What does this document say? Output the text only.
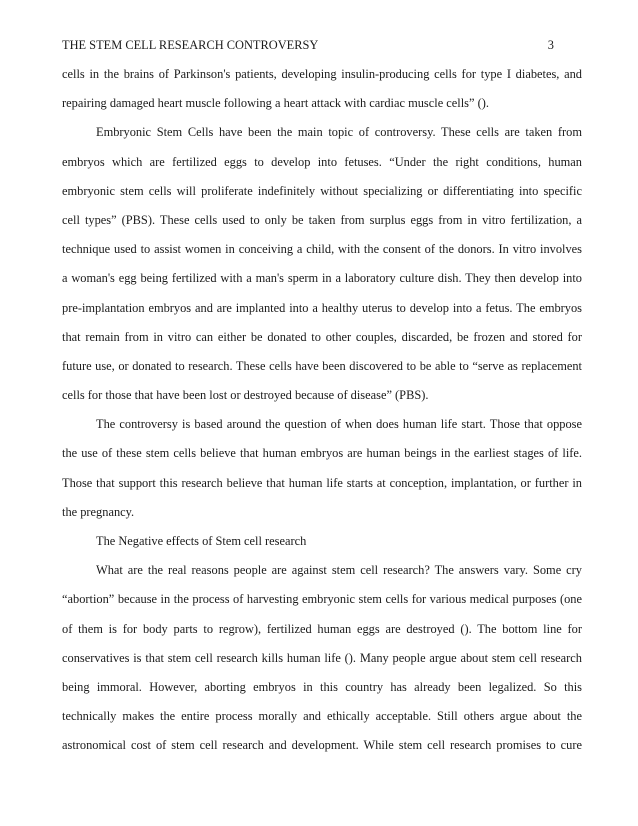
THE STEM CELL RESEARCH CONTROVERSY	3
cells in the brains of Parkinson's patients, developing insulin-producing cells for type I diabetes, and
repairing damaged heart muscle following a heart attack with cardiac muscle cells” ().
Embryonic Stem Cells have been the main topic of controversy. These cells are taken from
embryos which are fertilized eggs to develop into fetuses. “Under the right conditions, human
embryonic stem cells will proliferate indefinitely without specializing or differentiating into specific
cell types” (PBS). These cells used to only be taken from surplus eggs from in vitro fertilization, a
technique used to assist women in conceiving a child, with the consent of the donors. In vitro involves
a woman's egg being fertilized with a man's sperm in a laboratory culture dish. They then develop into
pre-implantation embryos and are implanted into a healthy uterus to develop into a fetus. The embryos
that remain from in vitro can either be donated to other couples, discarded, be frozen and stored for
future use, or donated to research. These cells have been discovered to be able to “serve as replacement
cells for those that have been lost or destroyed because of disease” (PBS).
The controversy is based around the question of when does human life start. Those that oppose
the use of these stem cells believe that human embryos are human beings in the earliest stages of life.
Those that support this research believe that human life starts at conception, implantation, or further in
the pregnancy.
The Negative effects of Stem cell research
What are the real reasons people are against stem cell research? The answers vary. Some cry
“abortion” because in the process of harvesting embryonic stem cells for various medical purposes (one
of them is for body parts to regrow), fertilized human eggs are destroyed (). The bottom line for
conservatives is that stem cell research kills human life (). Many people argue about stem cell research
being immoral. However, aborting embryos in this country has already been legalized. So this
technically makes the entire process morally and ethically acceptable. Still others argue about the
astronomical cost of stem cell research and development. While stem cell research promises to cure
